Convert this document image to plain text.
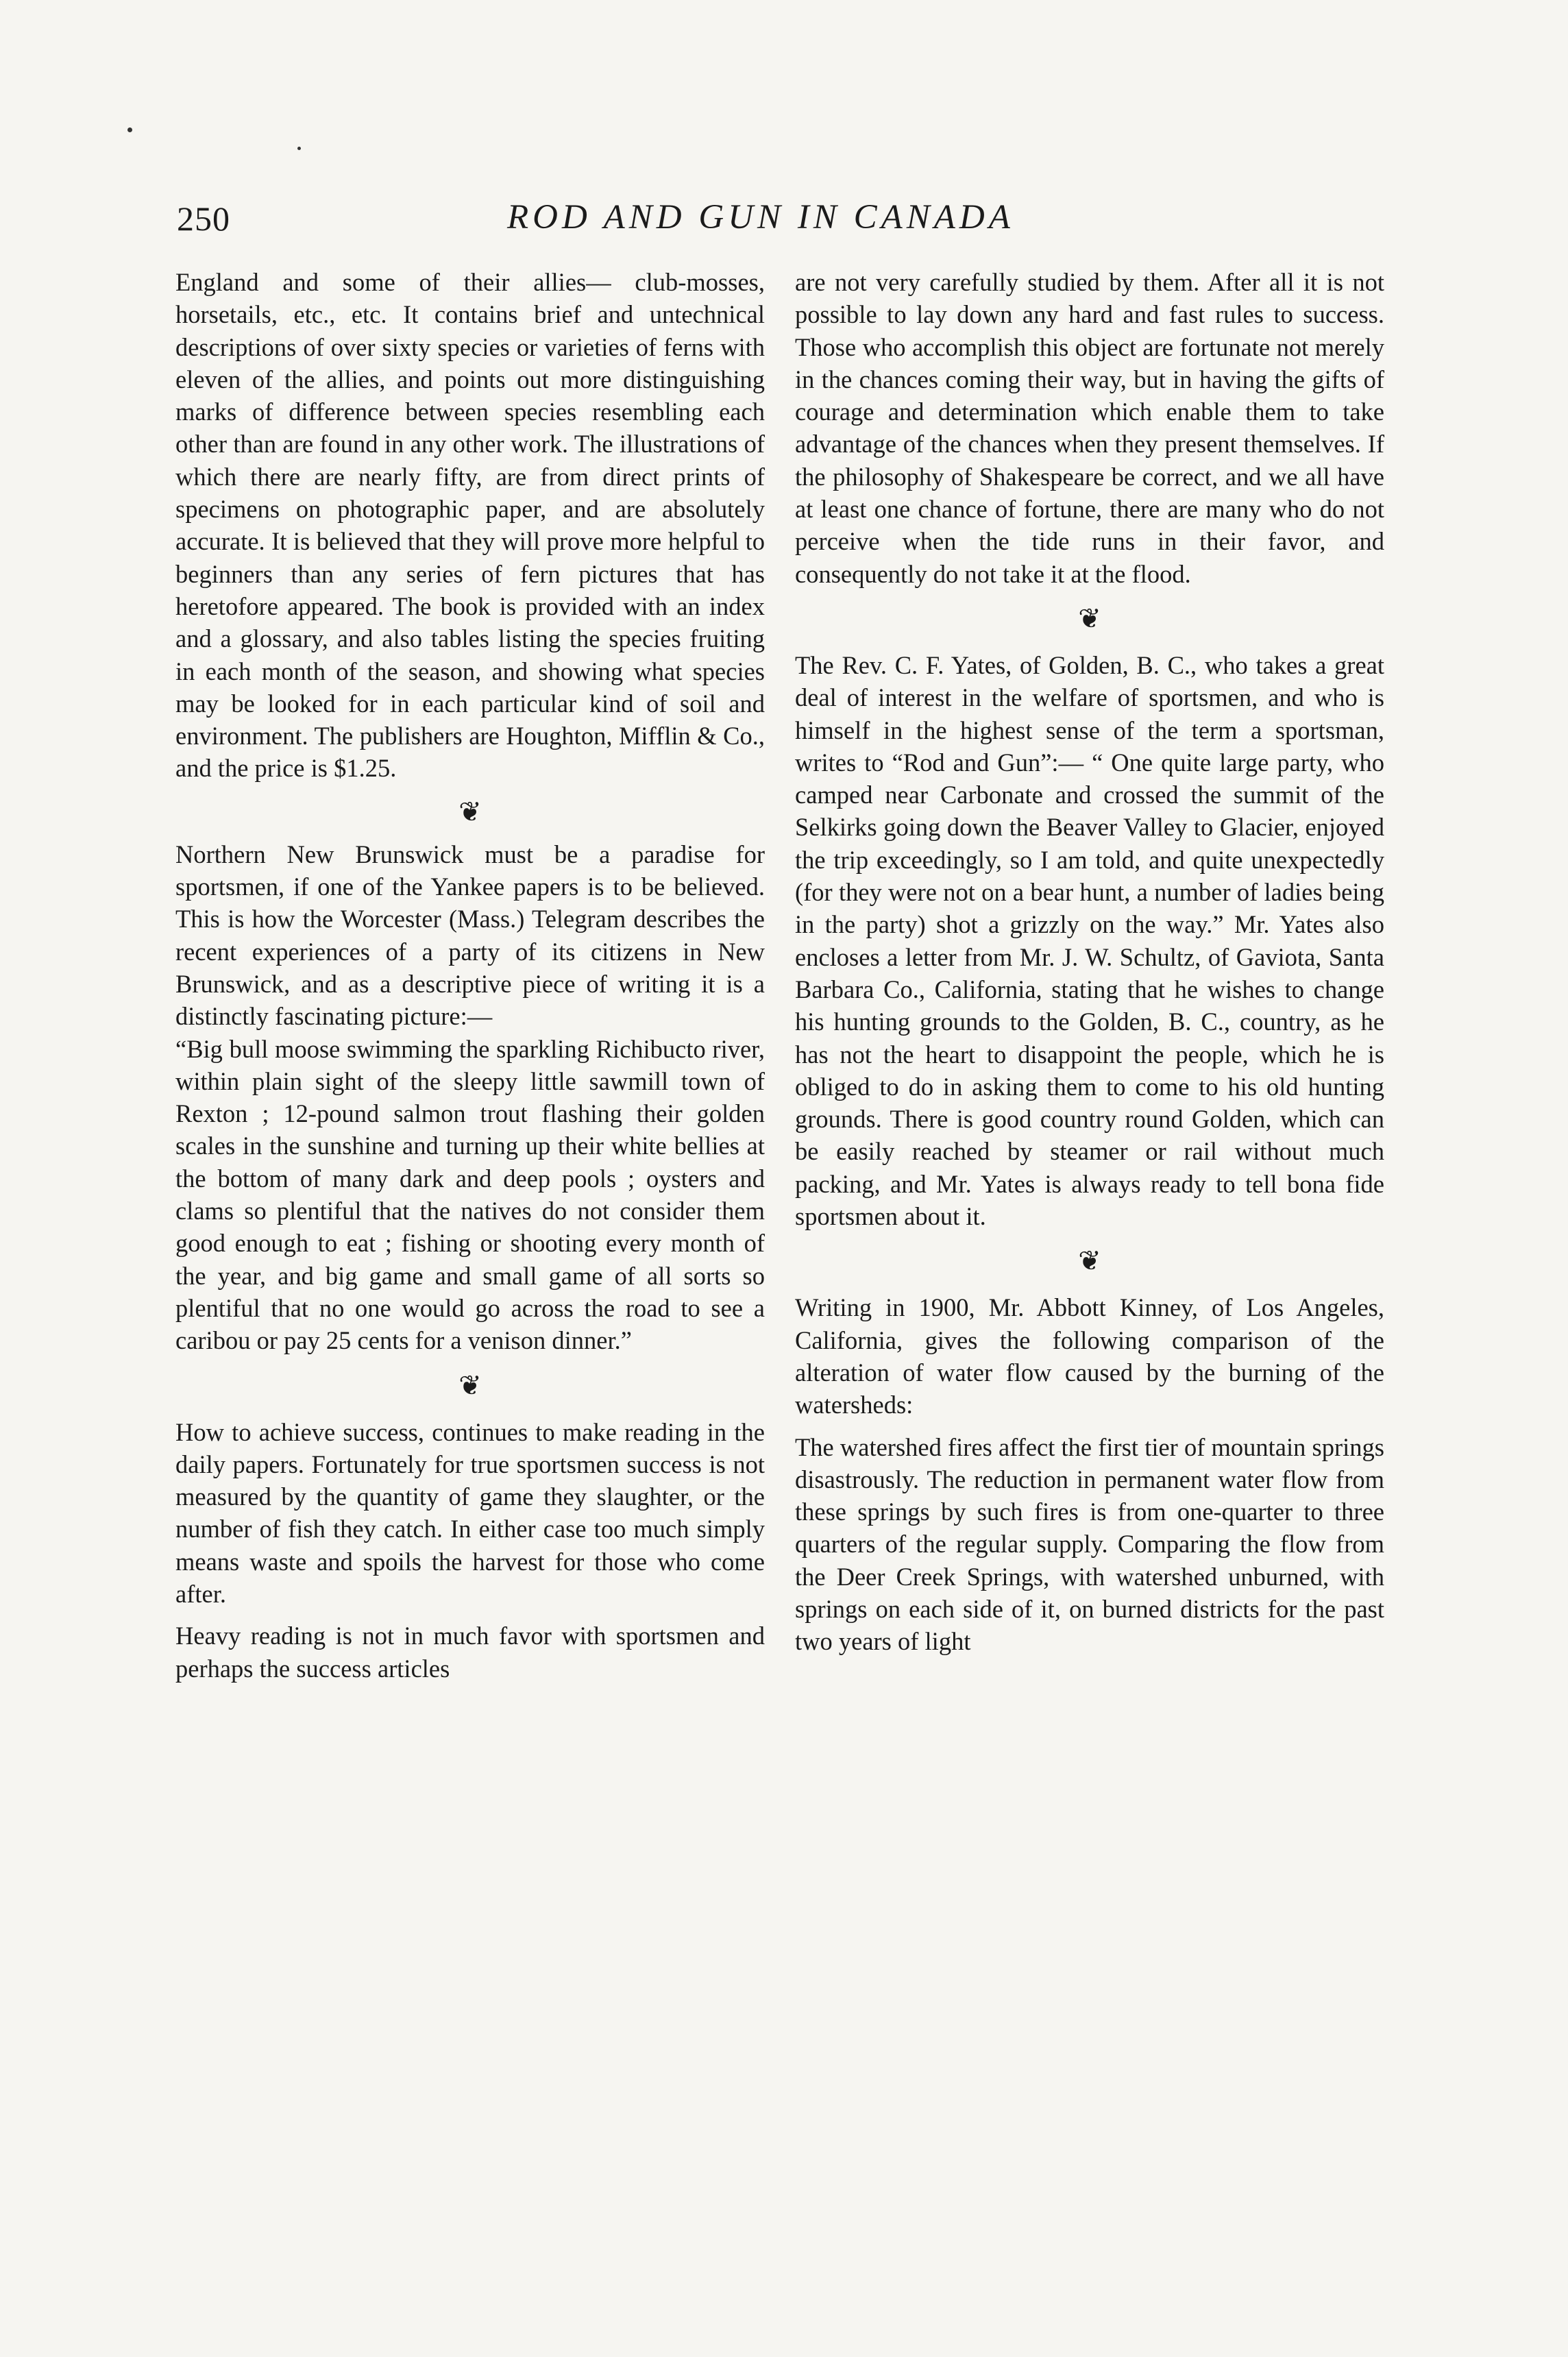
250	ROD AND GUN IN CANADA

England and some of their allies— club-mosses, horsetails, etc., etc. It contains brief and untechnical descriptions of over sixty species or varieties of ferns with eleven of the allies, and points out more distinguishing marks of difference between species resembling each other than are found in any other work. The illustrations of which there are nearly fifty, are from direct prints of specimens on photographic paper, and are absolutely accurate. It is believed that they will prove more helpful to beginners than any series of fern pictures that has heretofore appeared. The book is provided with an index and a glossary, and also tables listing the species fruiting in each month of the season, and showing what species may be looked for in each particular kind of soil and environment. The publishers are Houghton, Mifflin & Co., and the price is $1.25.

❦

Northern New Brunswick must be a paradise for sportsmen, if one of the Yankee papers is to be believed. This is how the Worcester (Mass.) Telegram describes the recent experiences of a party of its citizens in New Brunswick, and as a descriptive piece of writing it is a distinctly fascinating picture:—

“Big bull moose swimming the sparkling Richibucto river, within plain sight of the sleepy little sawmill town of Rexton ; 12-pound salmon trout flashing their golden scales in the sunshine and turning up their white bellies at the bottom of many dark and deep pools ; oysters and clams so plentiful that the natives do not consider them good enough to eat ; fishing or shooting every month of the year, and big game and small game of all sorts so plentiful that no one would go across the road to see a caribou or pay 25 cents for a venison dinner.”

❦

How to achieve success, continues to make reading in the daily papers. Fortunately for true sportsmen success is not measured by the quantity of game they slaughter, or the number of fish they catch. In either case too much simply means waste and spoils the harvest for those who come after.

Heavy reading is not in much favor with sportsmen and perhaps the success articles

are not very carefully studied by them. After all it is not possible to lay down any hard and fast rules to success. Those who accomplish this object are fortunate not merely in the chances coming their way, but in having the gifts of courage and determination which enable them to take advantage of the chances when they present themselves. If the philosophy of Shakespeare be correct, and we all have at least one chance of fortune, there are many who do not perceive when the tide runs in their favor, and consequently do not take it at the flood.

❦

The Rev. C. F. Yates, of Golden, B. C., who takes a great deal of interest in the welfare of sportsmen, and who is himself in the highest sense of the term a sportsman, writes to “Rod and Gun”:— “ One quite large party, who camped near Carbonate and crossed the summit of the Selkirks going down the Beaver Valley to Glacier, enjoyed the trip exceedingly, so I am told, and quite unexpectedly (for they were not on a bear hunt, a number of ladies being in the party) shot a grizzly on the way.” Mr. Yates also encloses a letter from Mr. J. W. Schultz, of Gaviota, Santa Barbara Co., California, stating that he wishes to change his hunting grounds to the Golden, B. C., country, as he has not the heart to disappoint the people, which he is obliged to do in asking them to come to his old hunting grounds. There is good country round Golden, which can be easily reached by steamer or rail without much packing, and Mr. Yates is always ready to tell bona fide sportsmen about it.

❦

Writing in 1900, Mr. Abbott Kinney, of Los Angeles, California, gives the following comparison of the alteration of water flow caused by the burning of the watersheds:

The watershed fires affect the first tier of mountain springs disastrously. The reduction in permanent water flow from these springs by such fires is from one-quarter to three quarters of the regular supply. Comparing the flow from the Deer Creek Springs, with watershed unburned, with springs on each side of it, on burned districts for the past two years of light
